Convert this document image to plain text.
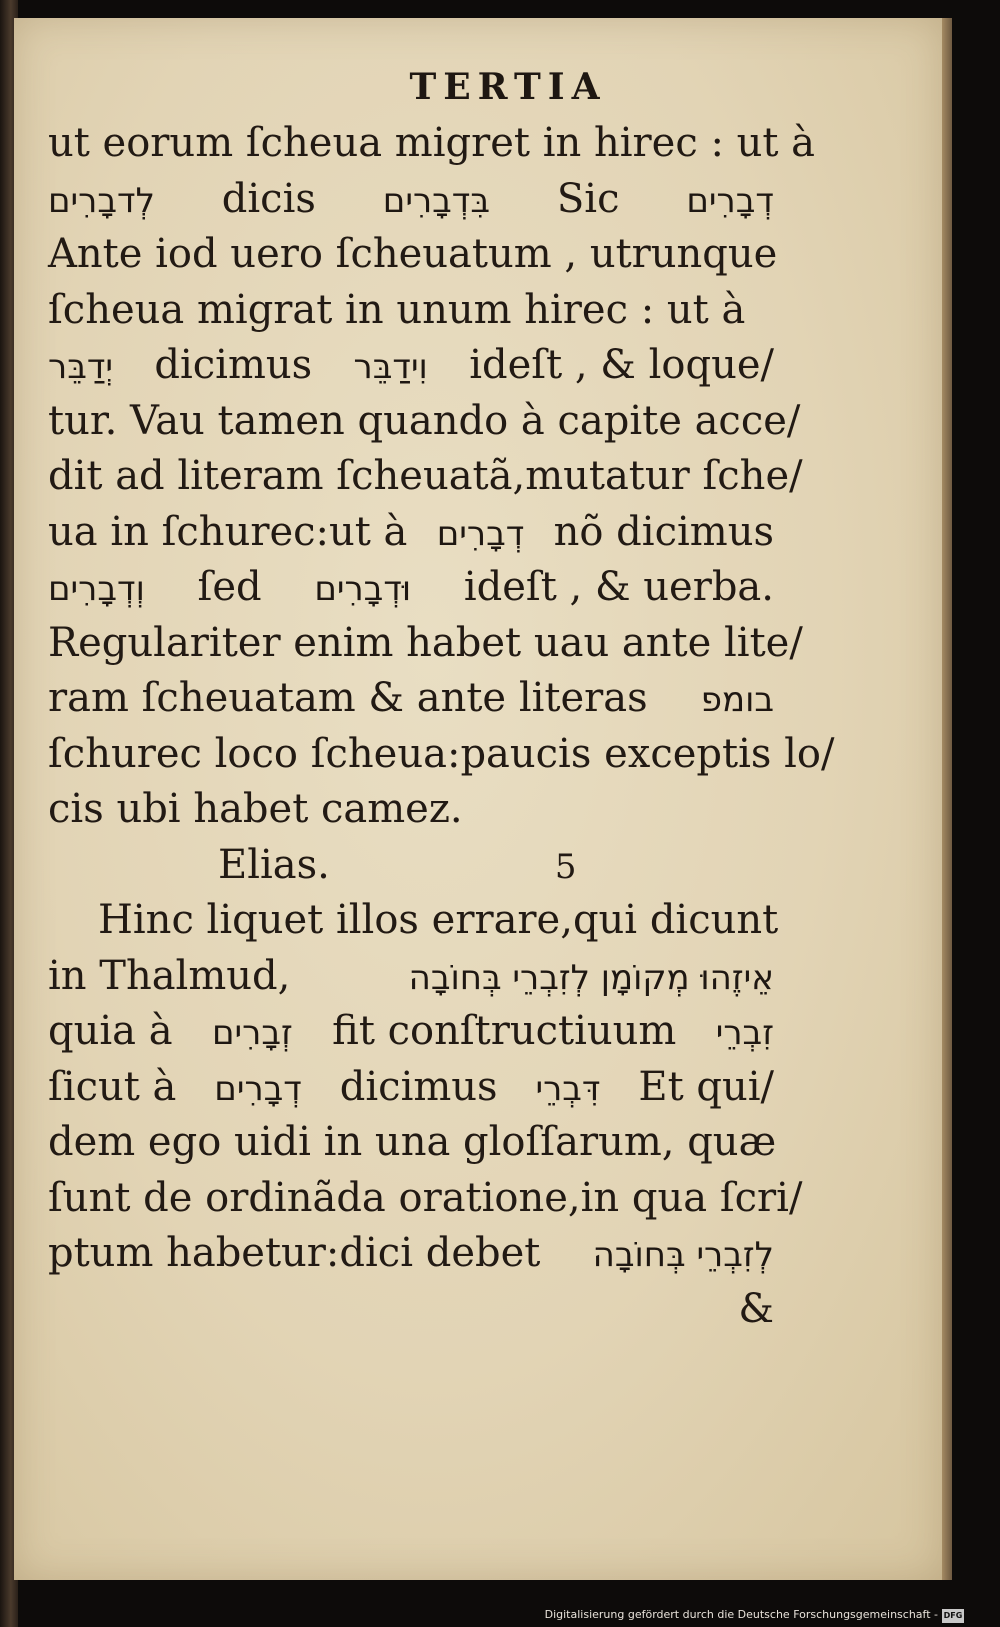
TERTIA
ut eorum ſcheua migret in hirec : ut à
לְדבָרִים dicis בִּדְבָרִים Sic דְבָרִים
Ante iod uero ſcheuatum , utrunque
ſcheua migrat in unum hirec : ut à
יְדַבֵּר dicimus וִידַבֵּר ideſt , & loque/
tur. Vau tamen quando à capite acce/
dit ad literam ſcheuatã,mutatur ſche/
ua in ſchurec:ut à דְבָרִים nõ dicimus
וְדְבָרִים ſed וּדְבָרִים ideſt , & uerba.
Regulariter enim habet uau ante lite/
ram ſcheuatam & ante literas בומפ
ſchurec loco ſcheua:paucis exceptis lo/
cis ubi habet camez.
Elias.	5
Hinc liquet illos errare,qui dicunt
in Thalmud,	אֵיזֶהוּ מְקוֹמָן לְזִבְרֵי בְּחוֹבָה
quia à זְבָרִים fit conſtructiuum זִבְרֵי
ſicut à דְבָרִים dicimus דִּבְרֵי Et qui/
dem ego uidi in una gloſſarum, quæ
ſunt de ordinãda oratione,in qua ſcri/
ptum habetur:dici debet לְזִבְרֵי בְּחוֹבָה
&
Digitalisierung gefördert durch die Deutsche Forschungsgemeinschaft - DFG
